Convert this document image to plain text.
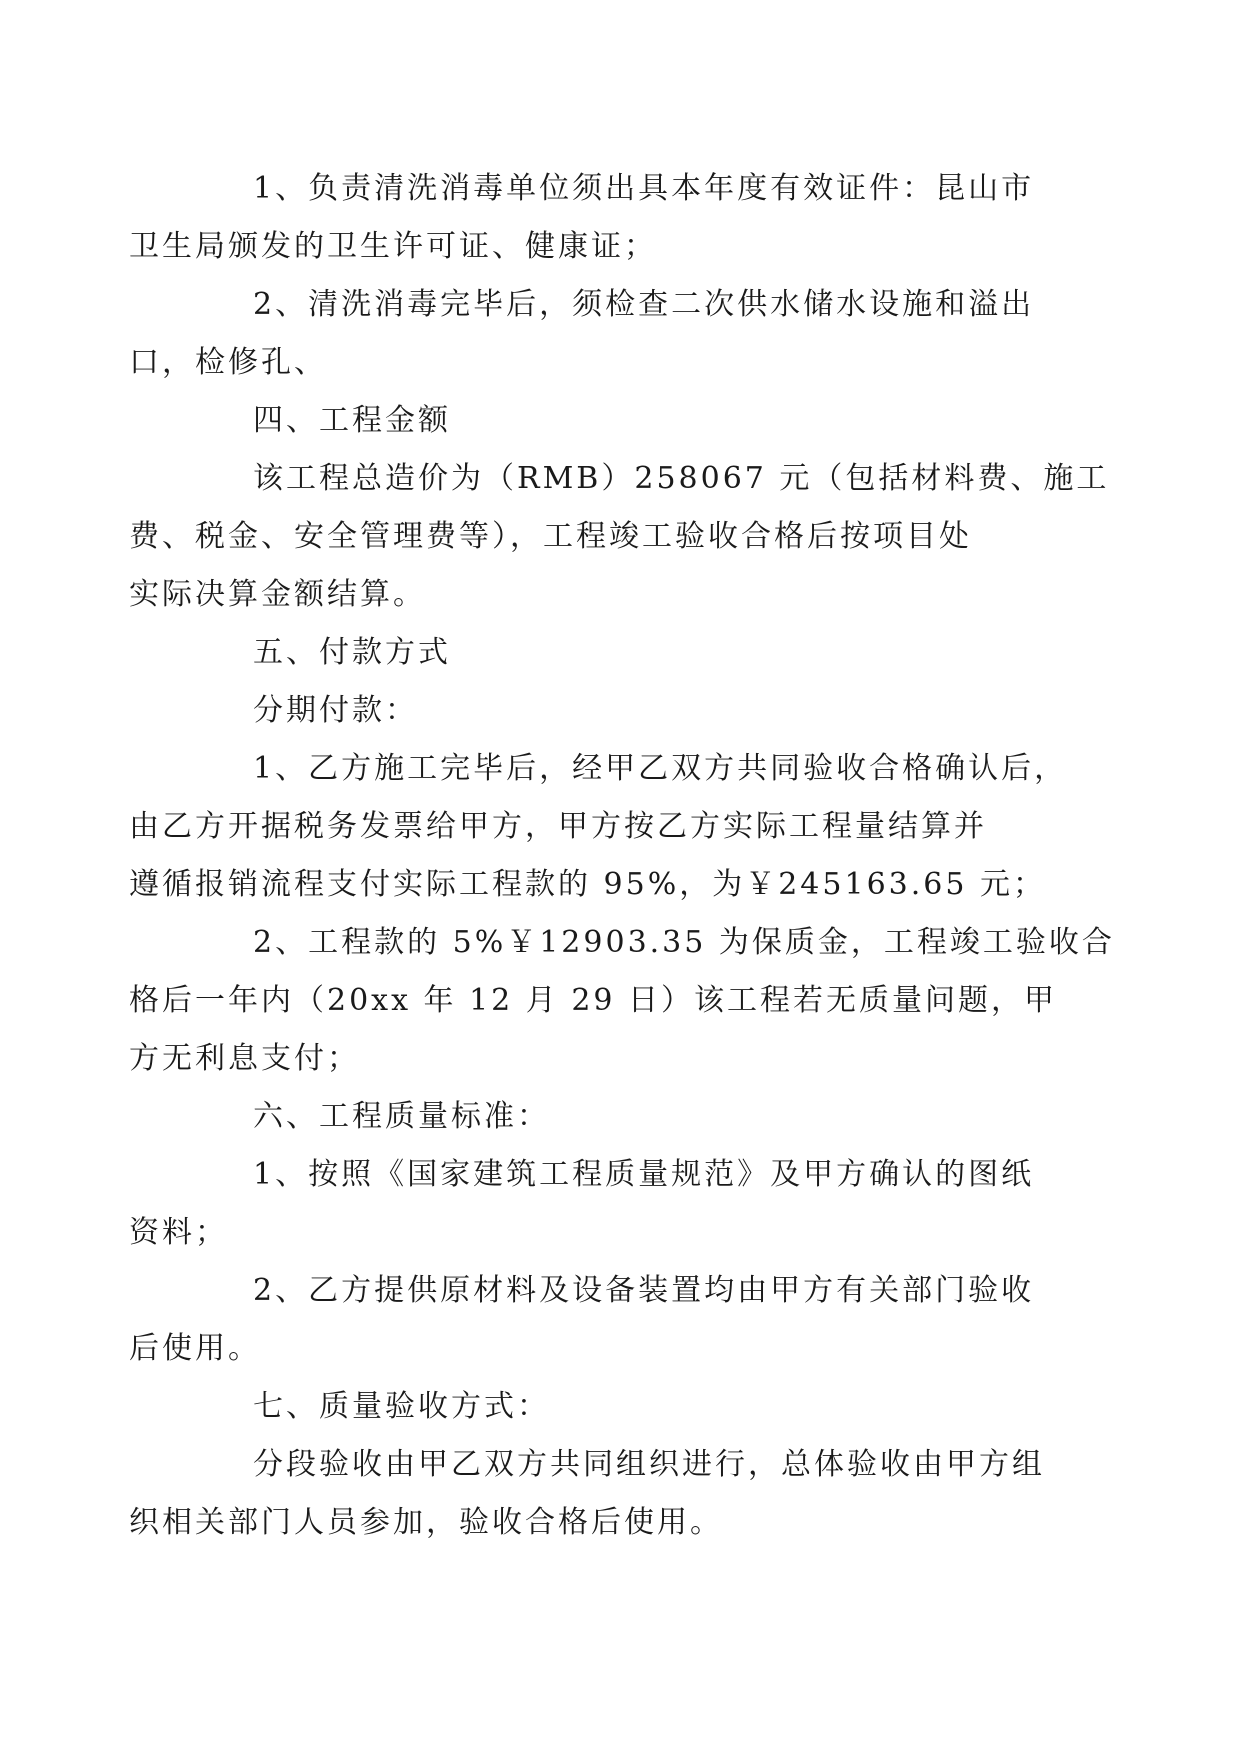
1、负责清洗消毒单位须出具本年度有效证件：昆山市
卫生局颁发的卫生许可证、健康证；

2、清洗消毒完毕后，须检查二次供水储水设施和溢出
口，检修孔、

四、工程金额

该工程总造价为（RMB）258067 元（包括材料费、施工
费、税金、安全管理费等），工程竣工验收合格后按项目处
实际决算金额结算。

五、付款方式

分期付款：

1、乙方施工完毕后，经甲乙双方共同验收合格确认后，
由乙方开据税务发票给甲方，甲方按乙方实际工程量结算并
遵循报销流程支付实际工程款的 95%，为￥245163.65 元；

2、工程款的 5%￥12903.35 为保质金，工程竣工验收合
格后一年内（20xx 年 12 月 29 日）该工程若无质量问题，甲
方无利息支付；

六、工程质量标准：

1、按照《国家建筑工程质量规范》及甲方确认的图纸
资料；

2、乙方提供原材料及设备装置均由甲方有关部门验收
后使用。

七、质量验收方式：

分段验收由甲乙双方共同组织进行，总体验收由甲方组
织相关部门人员参加，验收合格后使用。
